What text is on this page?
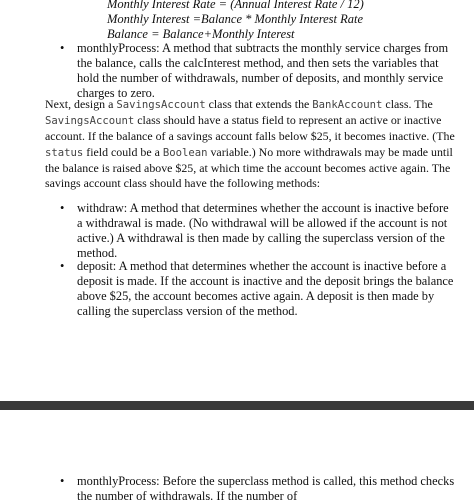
Monthly Interest Rate = (Annual Interest Rate / 12)
Monthly Interest =Balance * Monthly Interest Rate
Balance = Balance+Monthly Interest
•	monthlyProcess: A method that subtracts the monthly service charges from the balance, calls the calcInterest method, and then sets the variables that hold the number of withdrawals, number of deposits, and monthly service charges to zero.
Next, design a SavingsAccount class that extends the BankAccount class. The SavingsAccount class should have a status field to represent an active or inactive account. If the balance of a savings account falls below $25, it becomes inactive. (The status field could be a Boolean variable.) No more withdrawals may be made until the balance is raised above $25, at which time the account becomes active again. The savings account class should have the following methods:
•	withdraw: A method that determines whether the account is inactive before a withdrawal is made. (No withdrawal will be allowed if the account is not active.) A withdrawal is then made by calling the superclass version of the method.
•	deposit: A method that determines whether the account is inactive before a deposit is made. If the account is inactive and the deposit brings the balance above $25, the account becomes active again. A deposit is then made by calling the superclass version of the method.
•	monthlyProcess: Before the superclass method is called, this method checks the number of withdrawals. If the number of
